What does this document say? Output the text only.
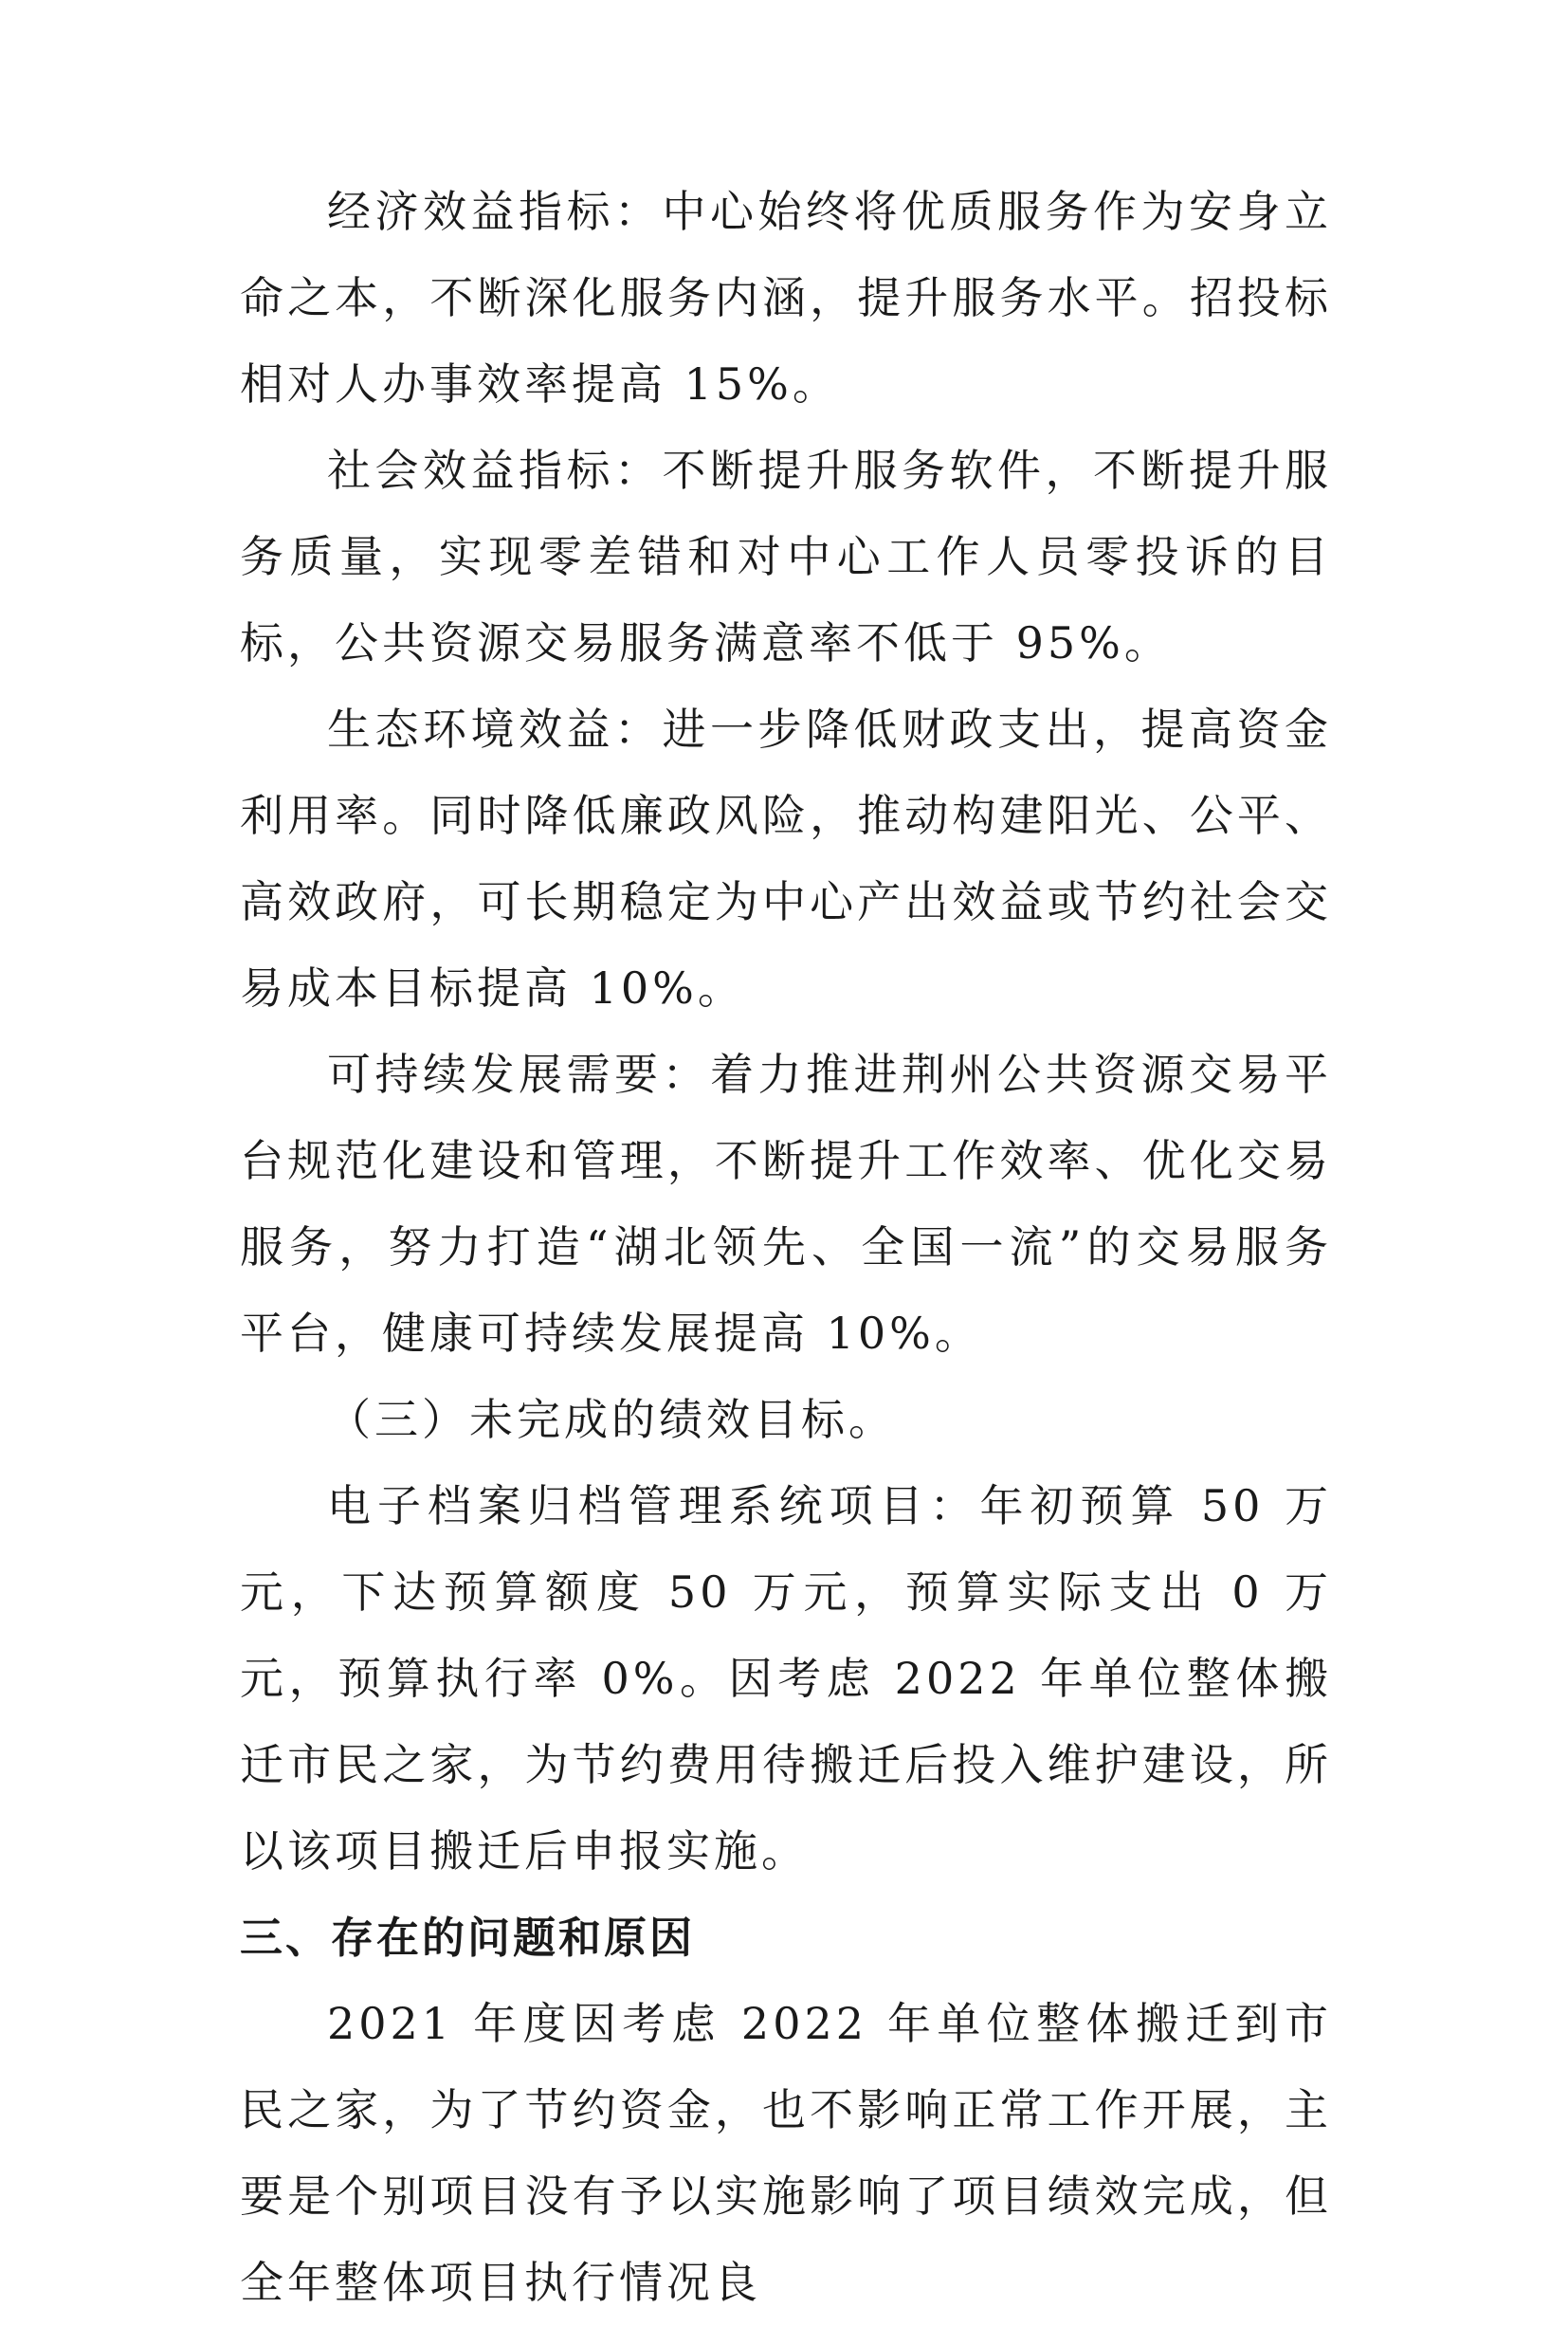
经济效益指标：中心始终将优质服务作为安身立命之本，不断深化服务内涵，提升服务水平。招投标相对人办事效率提高 15%。

社会效益指标：不断提升服务软件，不断提升服务质量，实现零差错和对中心工作人员零投诉的目标，公共资源交易服务满意率不低于 95%。

生态环境效益：进一步降低财政支出，提高资金利用率。同时降低廉政风险，推动构建阳光、公平、高效政府，可长期稳定为中心产出效益或节约社会交易成本目标提高 10%。

可持续发展需要：着力推进荆州公共资源交易平台规范化建设和管理，不断提升工作效率、优化交易服务，努力打造“湖北领先、全国一流”的交易服务平台，健康可持续发展提高 10%。

（三）未完成的绩效目标。

电子档案归档管理系统项目：年初预算 50 万元，下达预算额度 50 万元，预算实际支出 0 万元，预算执行率 0%。因考虑 2022 年单位整体搬迁市民之家，为节约费用待搬迁后投入维护建设，所以该项目搬迁后申报实施。

三、存在的问题和原因

2021 年度因考虑 2022 年单位整体搬迁到市民之家，为了节约资金，也不影响正常工作开展，主要是个别项目没有予以实施影响了项目绩效完成，但全年整体项目执行情况良
